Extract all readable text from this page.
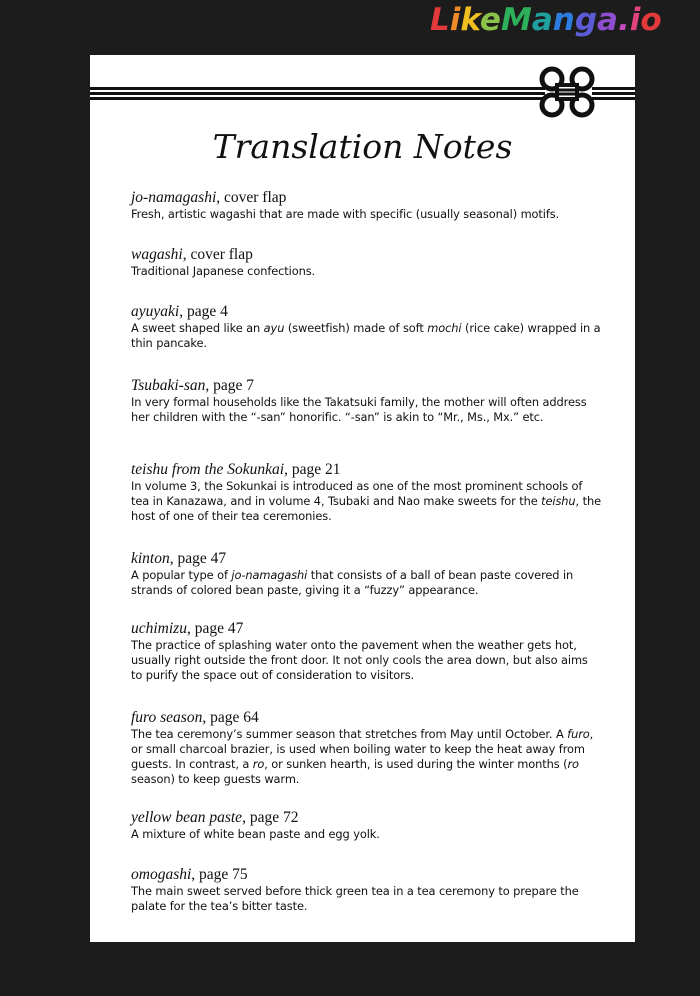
LikeManga.io
Translation Notes
jo-namagashi, cover flap
Fresh, artistic wagashi that are made with specific (usually seasonal) motifs.
wagashi, cover flap
Traditional Japanese confections.
ayuyaki, page 4
A sweet shaped like an ayu (sweetfish) made of soft mochi (rice cake) wrapped in a thin pancake.
Tsubaki-san, page 7
In very formal households like the Takatsuki family, the mother will often address her children with the “-san” honorific. “-san” is akin to “Mr., Ms., Mx.” etc.
teishu from the Sokunkai, page 21
In volume 3, the Sokunkai is introduced as one of the most prominent schools of tea in Kanazawa, and in volume 4, Tsubaki and Nao make sweets for the teishu, the host of one of their tea ceremonies.
kinton, page 47
A popular type of jo-namagashi that consists of a ball of bean paste covered in strands of colored bean paste, giving it a “fuzzy” appearance.
uchimizu, page 47
The practice of splashing water onto the pavement when the weather gets hot, usually right outside the front door. It not only cools the area down, but also aims to purify the space out of consideration to visitors.
furo season, page 64
The tea ceremony’s summer season that stretches from May until October. A furo, or small charcoal brazier, is used when boiling water to keep the heat away from guests. In contrast, a ro, or sunken hearth, is used during the winter months (ro season) to keep guests warm.
yellow bean paste, page 72
A mixture of white bean paste and egg yolk.
omogashi, page 75
The main sweet served before thick green tea in a tea ceremony to prepare the palate for the tea’s bitter taste.
